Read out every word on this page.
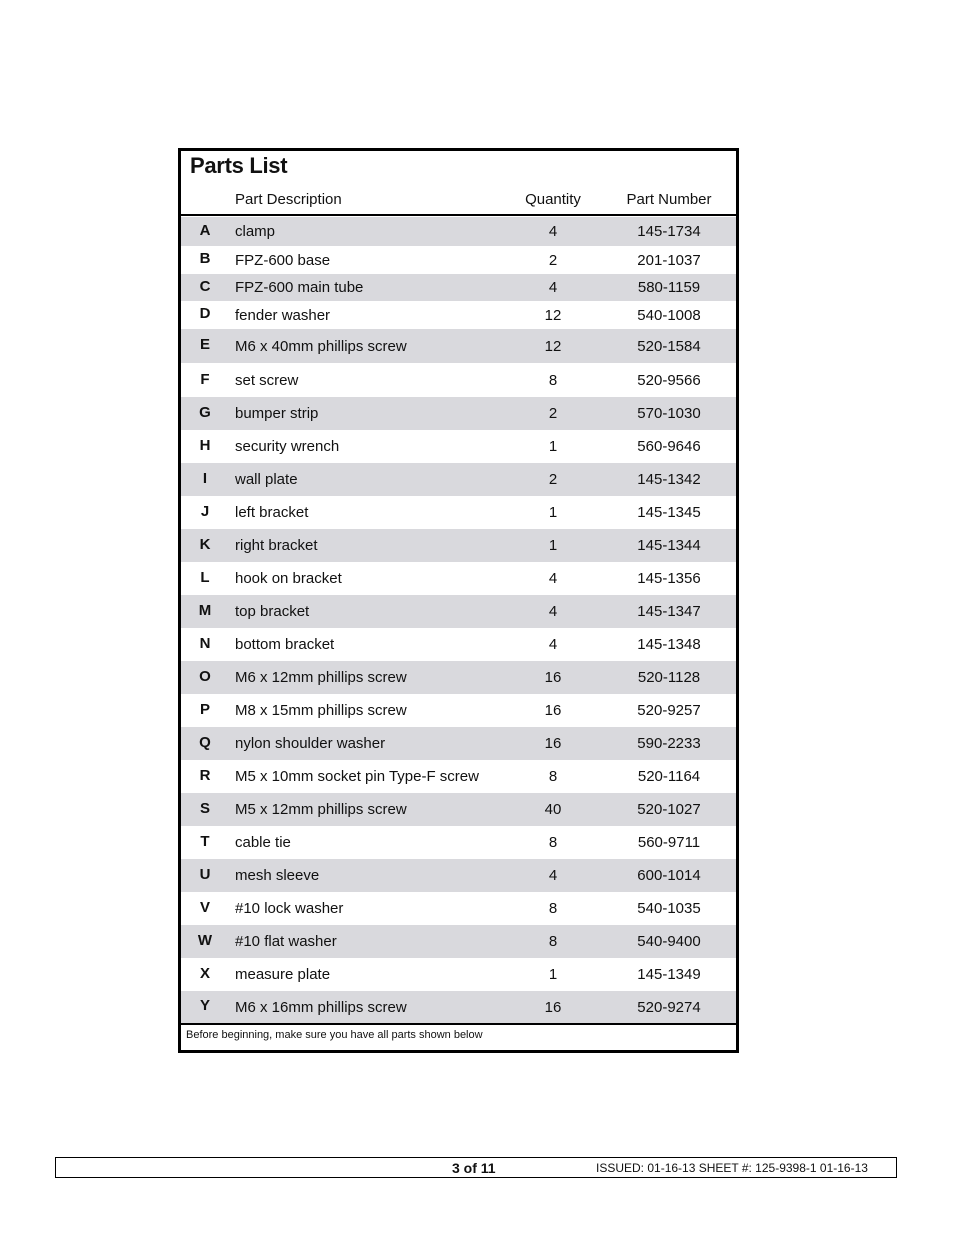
Parts List
Part Description	Quantity	Part Number
A	clamp	4	145-1734
B	FPZ-600 base	2	201-1037
C	FPZ-600 main tube	4	580-1159
D	fender washer	12	540-1008
E	M6 x 40mm phillips screw	12	520-1584
F	set screw	8	520-9566
G	bumper strip	2	570-1030
H	security wrench	1	560-9646
I	wall plate	2	145-1342
J	left bracket	1	145-1345
K	right bracket	1	145-1344
L	hook on bracket	4	145-1356
M	top bracket	4	145-1347
N	bottom bracket	4	145-1348
O	M6 x 12mm phillips screw	16	520-1128
P	M8 x 15mm phillips screw	16	520-9257
Q	nylon shoulder washer	16	590-2233
R	M5 x 10mm socket pin Type-F screw	8	520-1164
S	M5 x 12mm phillips screw	40	520-1027
T	cable tie	8	560-9711
U	mesh sleeve	4	600-1014
V	#10 lock washer	8	540-1035
W	#10 flat washer	8	540-9400
X	measure plate	1	145-1349
Y	M6 x 16mm phillips screw	16	520-9274
Before beginning, make sure you have all parts shown below
3 of 11	ISSUED: 01-16-13 SHEET #: 125-9398-1 01-16-13
